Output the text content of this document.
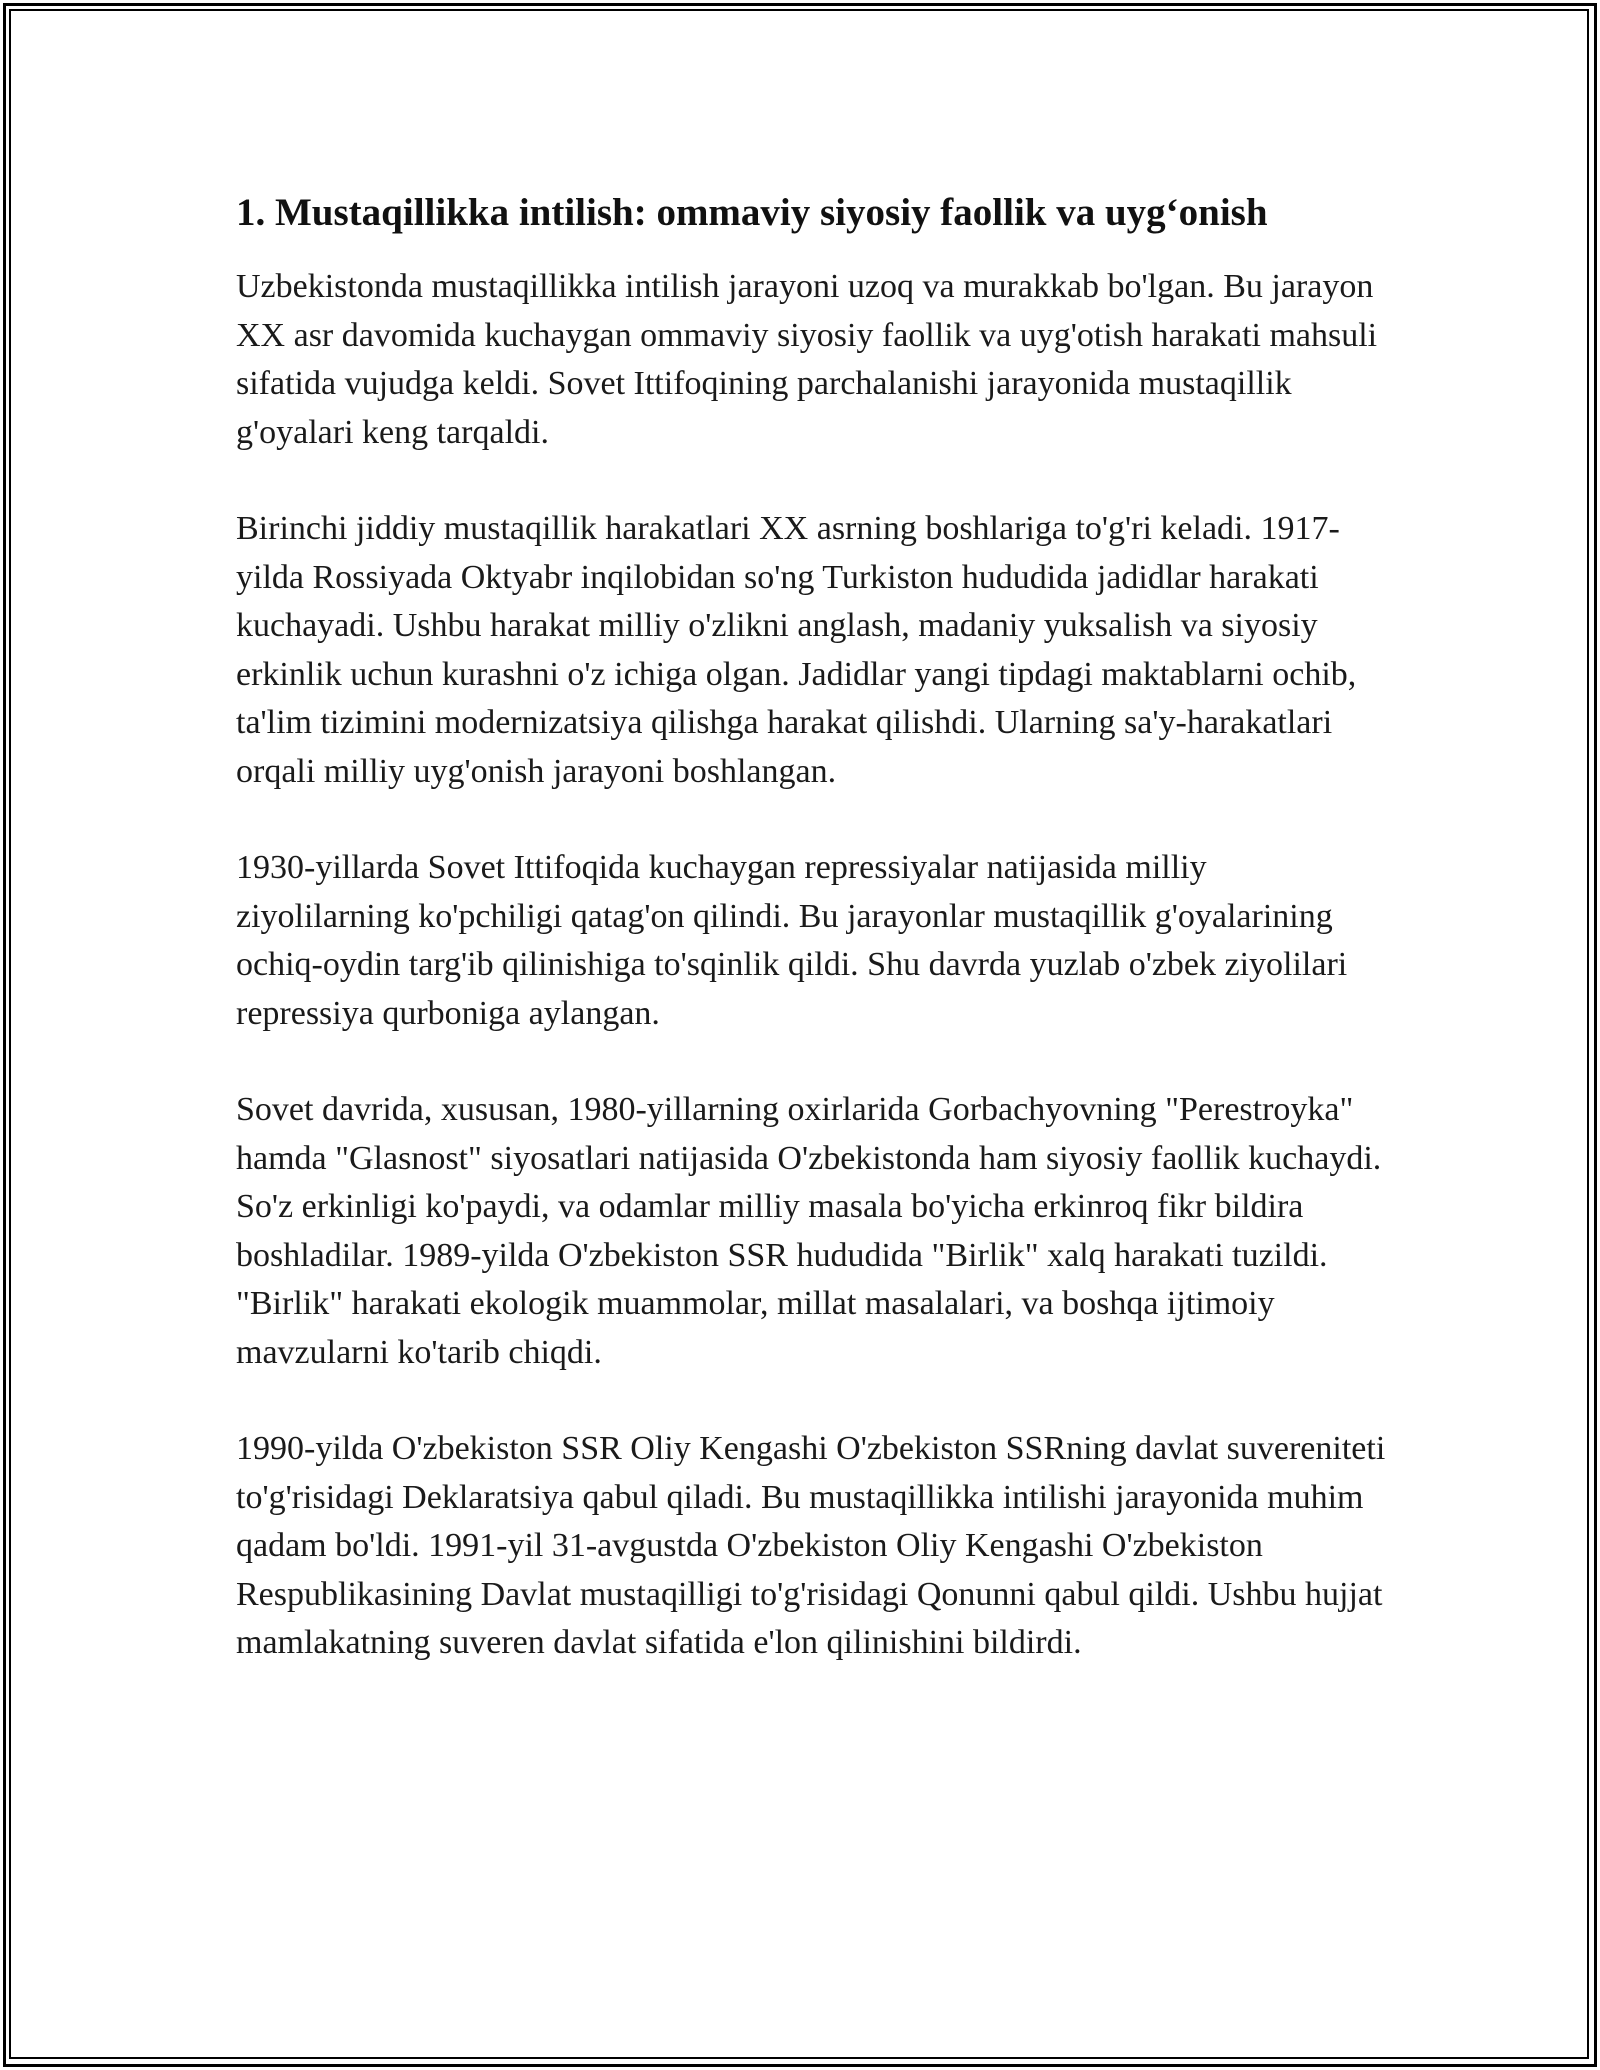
1. Mustaqillikka intilish: ommaviy siyosiy faollik va uyg‘onish

Uzbekistonda mustaqillikka intilish jarayoni uzoq va murakkab bo'lgan. Bu jarayon XX asr davomida kuchaygan ommaviy siyosiy faollik va uyg'otish harakati mahsuli sifatida vujudga keldi. Sovet Ittifoqining parchalanishi jarayonida mustaqillik g'oyalari keng tarqaldi.

Birinchi jiddiy mustaqillik harakatlari XX asrning boshlariga to'g'ri keladi. 1917-yilda Rossiyada Oktyabr inqilobidan so'ng Turkiston hududida jadidlar harakati kuchayadi. Ushbu harakat milliy o'zlikni anglash, madaniy yuksalish va siyosiy erkinlik uchun kurashni o'z ichiga olgan. Jadidlar yangi tipdagi maktablarni ochib, ta'lim tizimini modernizatsiya qilishga harakat qilishdi. Ularning sa'y-harakatlari orqali milliy uyg'onish jarayoni boshlangan.

1930-yillarda Sovet Ittifoqida kuchaygan repressiyalar natijasida milliy ziyolilarning ko'pchiligi qatag'on qilindi. Bu jarayonlar mustaqillik g'oyalarining ochiq-oydin targ'ib qilinishiga to'sqinlik qildi. Shu davrda yuzlab o'zbek ziyolilari repressiya qurboniga aylangan.

Sovet davrida, xususan, 1980-yillarning oxirlarida Gorbachyovning "Perestroyka" hamda "Glasnost" siyosatlari natijasida O'zbekistonda ham siyosiy faollik kuchaydi. So'z erkinligi ko'paydi, va odamlar milliy masala bo'yicha erkinroq fikr bildira boshladilar. 1989-yilda O'zbekiston SSR hududida "Birlik" xalq harakati tuzildi. "Birlik" harakati ekologik muammolar, millat masalalari, va boshqa ijtimoiy mavzularni ko'tarib chiqdi.

1990-yilda O'zbekiston SSR Oliy Kengashi O'zbekiston SSRning davlat suvereniteti to'g'risidagi Deklaratsiya qabul qiladi. Bu mustaqillikka intilishi jarayonida muhim qadam bo'ldi. 1991-yil 31-avgustda O'zbekiston Oliy Kengashi O'zbekiston Respublikasining Davlat mustaqilligi to'g'risidagi Qonunni qabul qildi. Ushbu hujjat mamlakatning suveren davlat sifatida e'lon qilinishini bildirdi.
